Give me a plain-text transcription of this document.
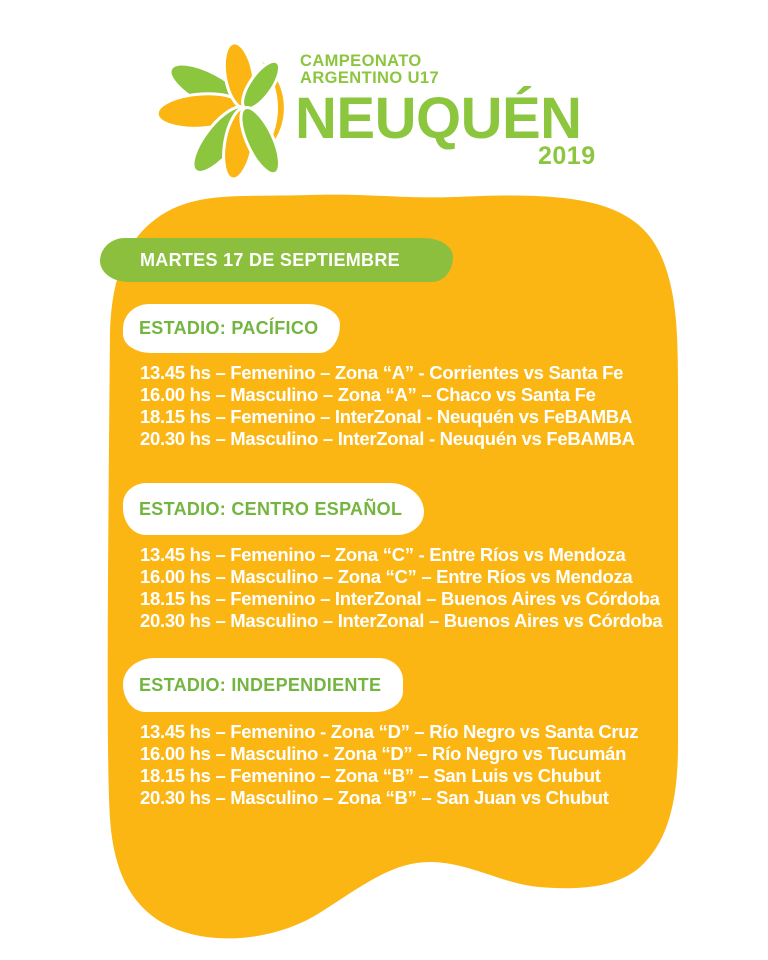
CAMPEONATO
ARGENTINO U17
NEUQUÉN
2019
MARTES 17 DE SEPTIEMBRE
ESTADIO: PACÍFICO
13.45 hs – Femenino – Zona “A” - Corrientes vs Santa Fe
16.00 hs – Masculino – Zona “A” – Chaco vs Santa Fe
18.15 hs – Femenino – InterZonal - Neuquén vs FeBAMBA
20.30 hs – Masculino – InterZonal - Neuquén vs FeBAMBA
ESTADIO: CENTRO ESPAÑOL
13.45 hs – Femenino – Zona “C” - Entre Ríos vs Mendoza
16.00 hs – Masculino – Zona “C” – Entre Ríos vs Mendoza
18.15 hs – Femenino – InterZonal – Buenos Aires vs Córdoba
20.30 hs – Masculino – InterZonal – Buenos Aires vs Córdoba
ESTADIO: INDEPENDIENTE
13.45 hs – Femenino - Zona “D” – Río Negro vs Santa Cruz
16.00 hs – Masculino - Zona “D” – Río Negro vs Tucumán
18.15 hs – Femenino – Zona “B” – San Luis vs Chubut
20.30 hs – Masculino – Zona “B” – San Juan vs Chubut
